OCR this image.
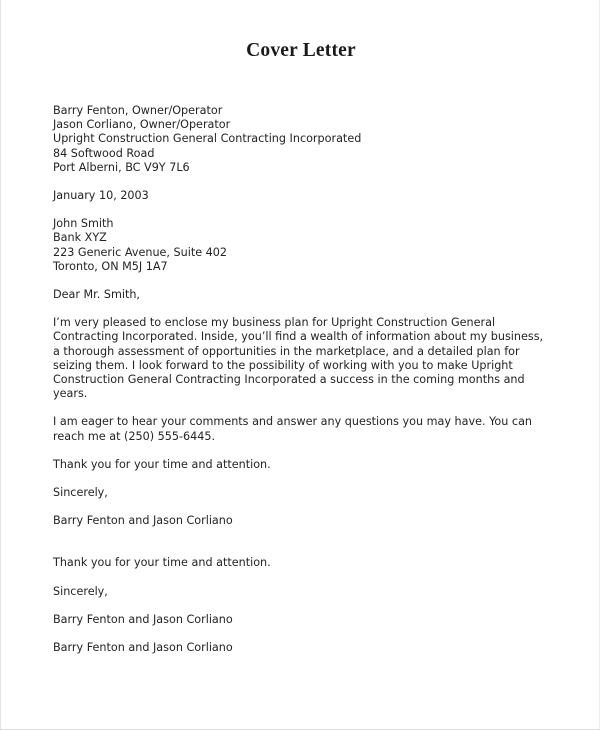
Cover Letter
Barry Fenton, Owner/Operator
Jason Corliano, Owner/Operator
Upright Construction General Contracting Incorporated
84 Softwood Road
Port Alberni, BC V9Y 7L6
January 10, 2003
John Smith
Bank XYZ
223 Generic Avenue, Suite 402
Toronto, ON M5J 1A7
Dear Mr. Smith,

I’m very pleased to enclose my business plan for Upright Construction General Contracting Incorporated. Inside, you’ll find a wealth of information about my business, a thorough assessment of opportunities in the marketplace, and a detailed plan for seizing them. I look forward to the possibility of working with you to make Upright Construction General Contracting Incorporated a success in the coming months and years.

I am eager to hear your comments and answer any questions you may have. You can reach me at (250) 555-6445.

Thank you for your time and attention.
Sincerely,
Barry Fenton and Jason Corliano
Thank you for your time and attention.
Sincerely,
Barry Fenton and Jason Corliano
Barry Fenton and Jason Corliano
